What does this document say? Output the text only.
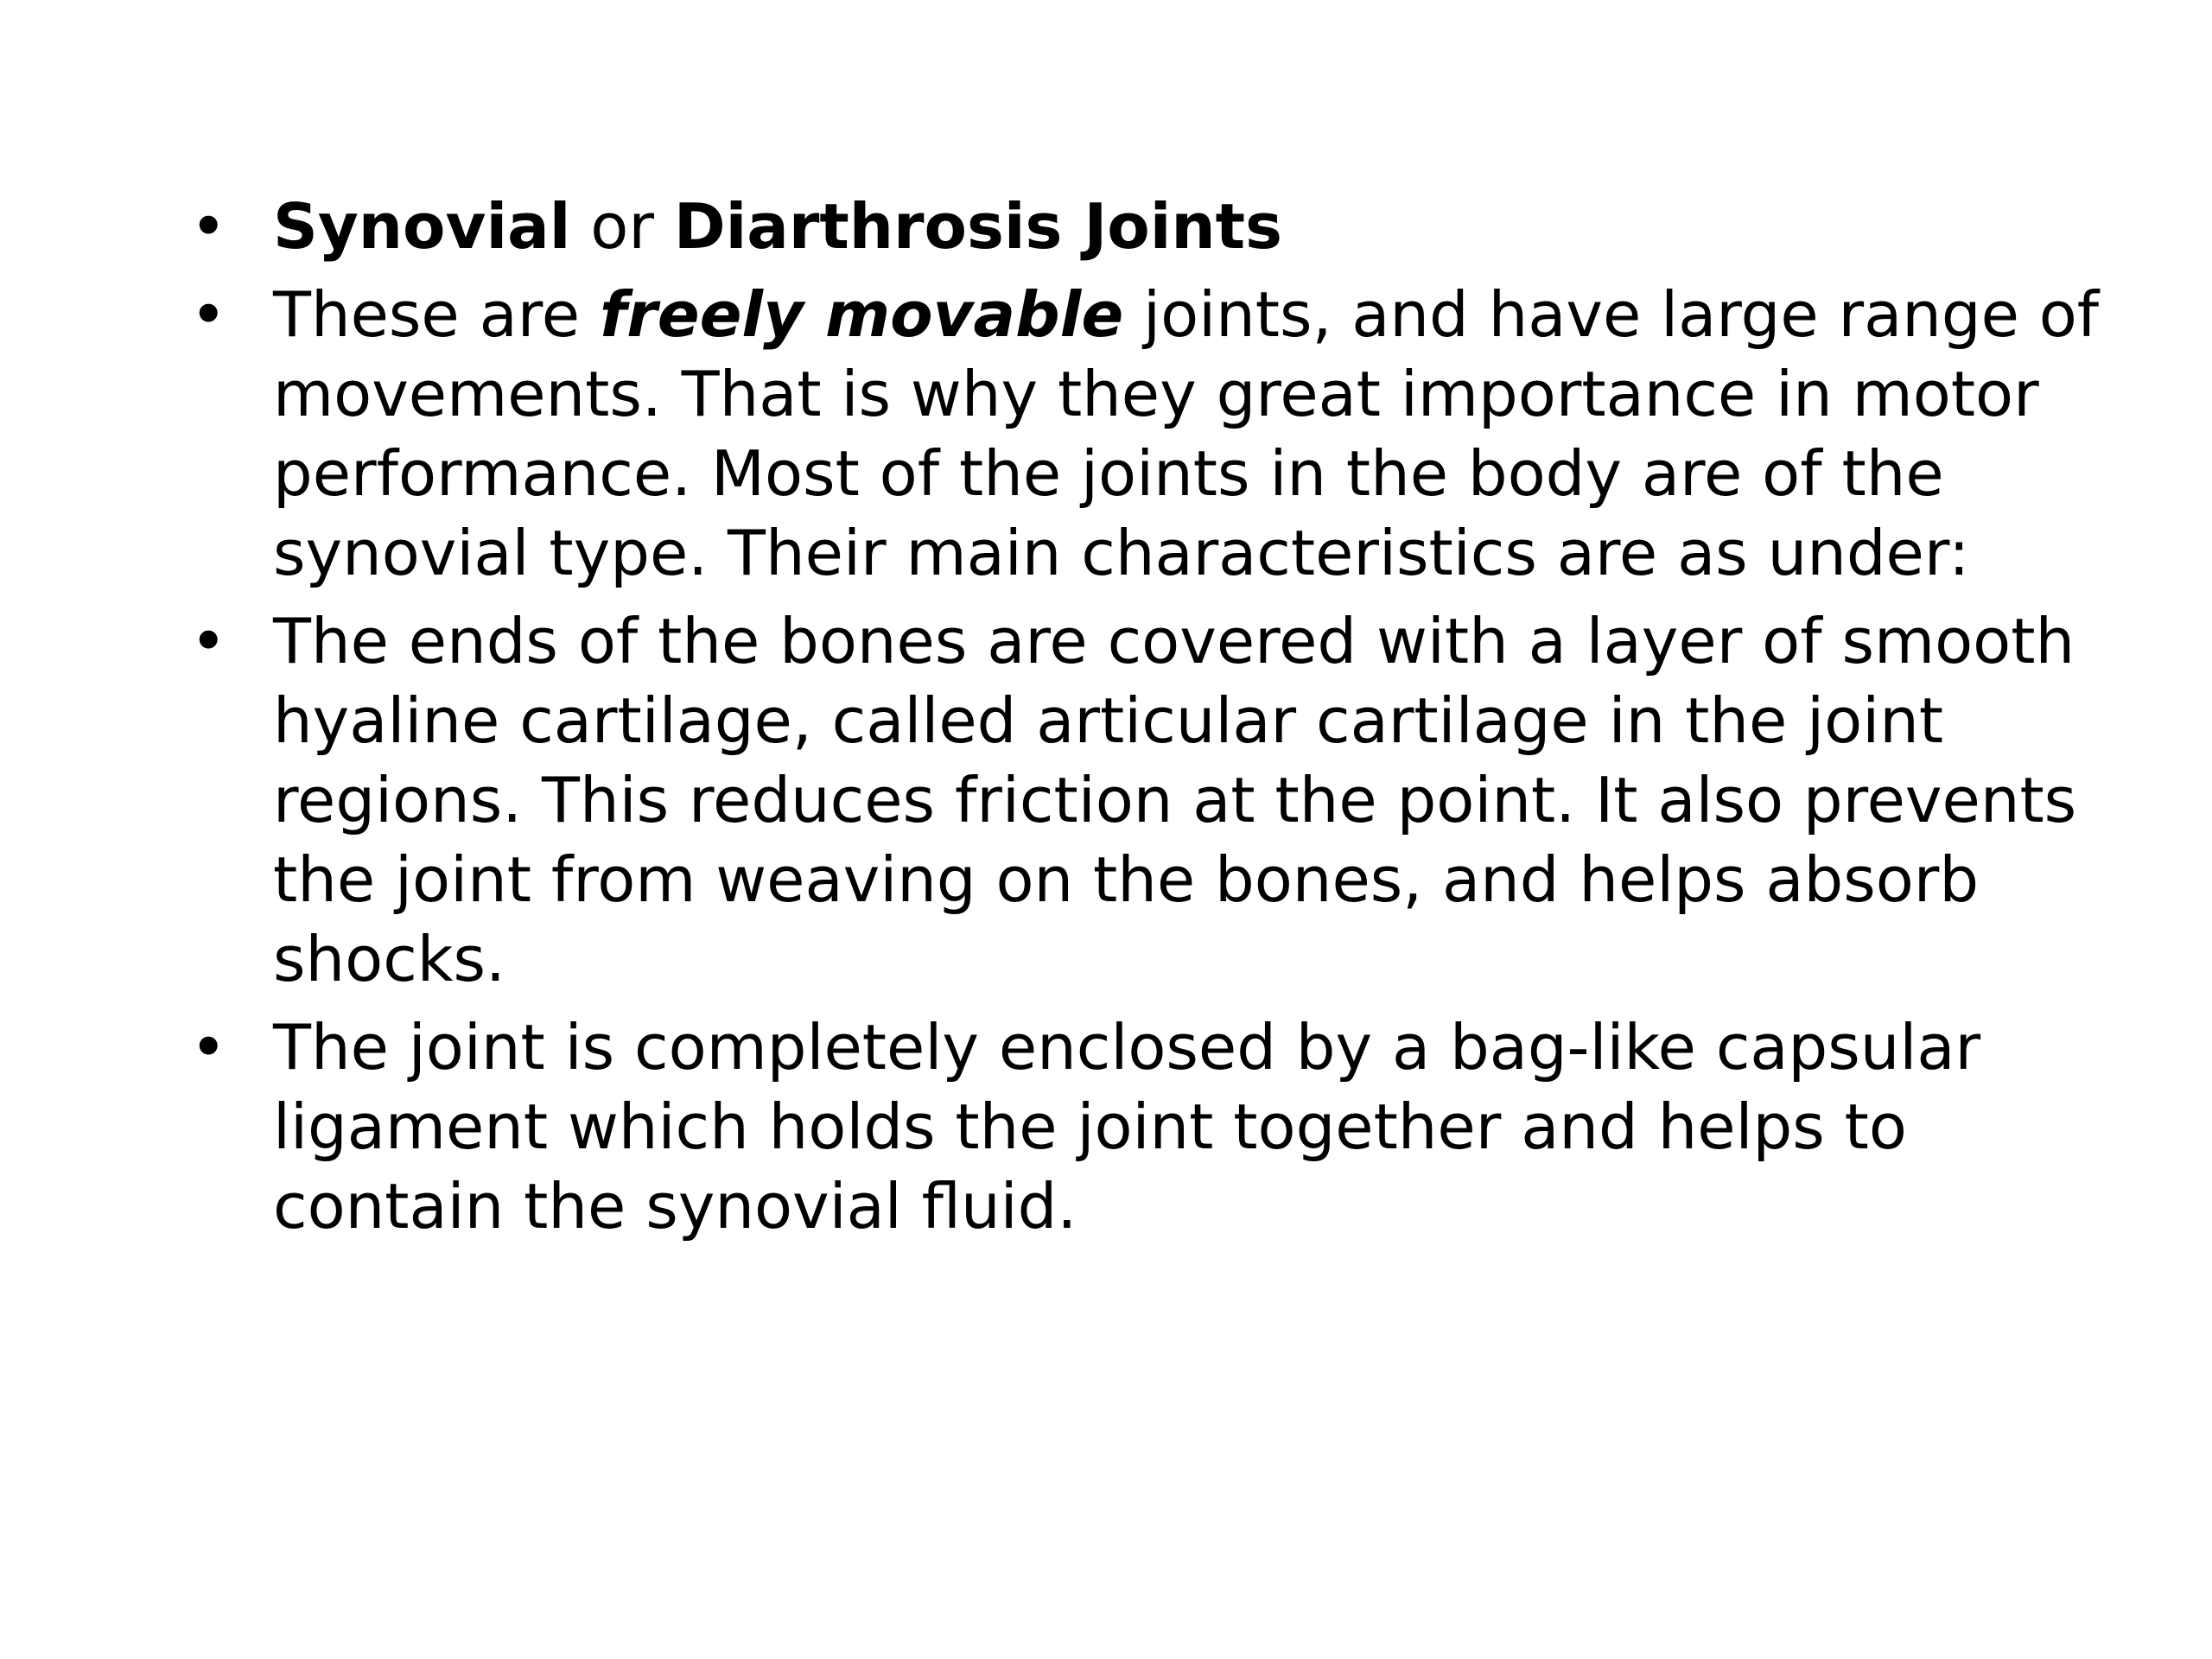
• Synovial or Diarthrosis Joints
• These are freely movable joints, and have large range of movements. That is why they great importance in motor performance. Most of the joints in the body are of the synovial type. Their main characteristics are as under:
• The ends of the bones are covered with a layer of smooth hyaline cartilage, called articular cartilage in the joint regions. This reduces friction at the point. It also prevents the joint from weaving on the bones, and helps absorb shocks.
• The joint is completely enclosed by a bag-like capsular ligament which holds the joint together and helps to contain the synovial fluid.
